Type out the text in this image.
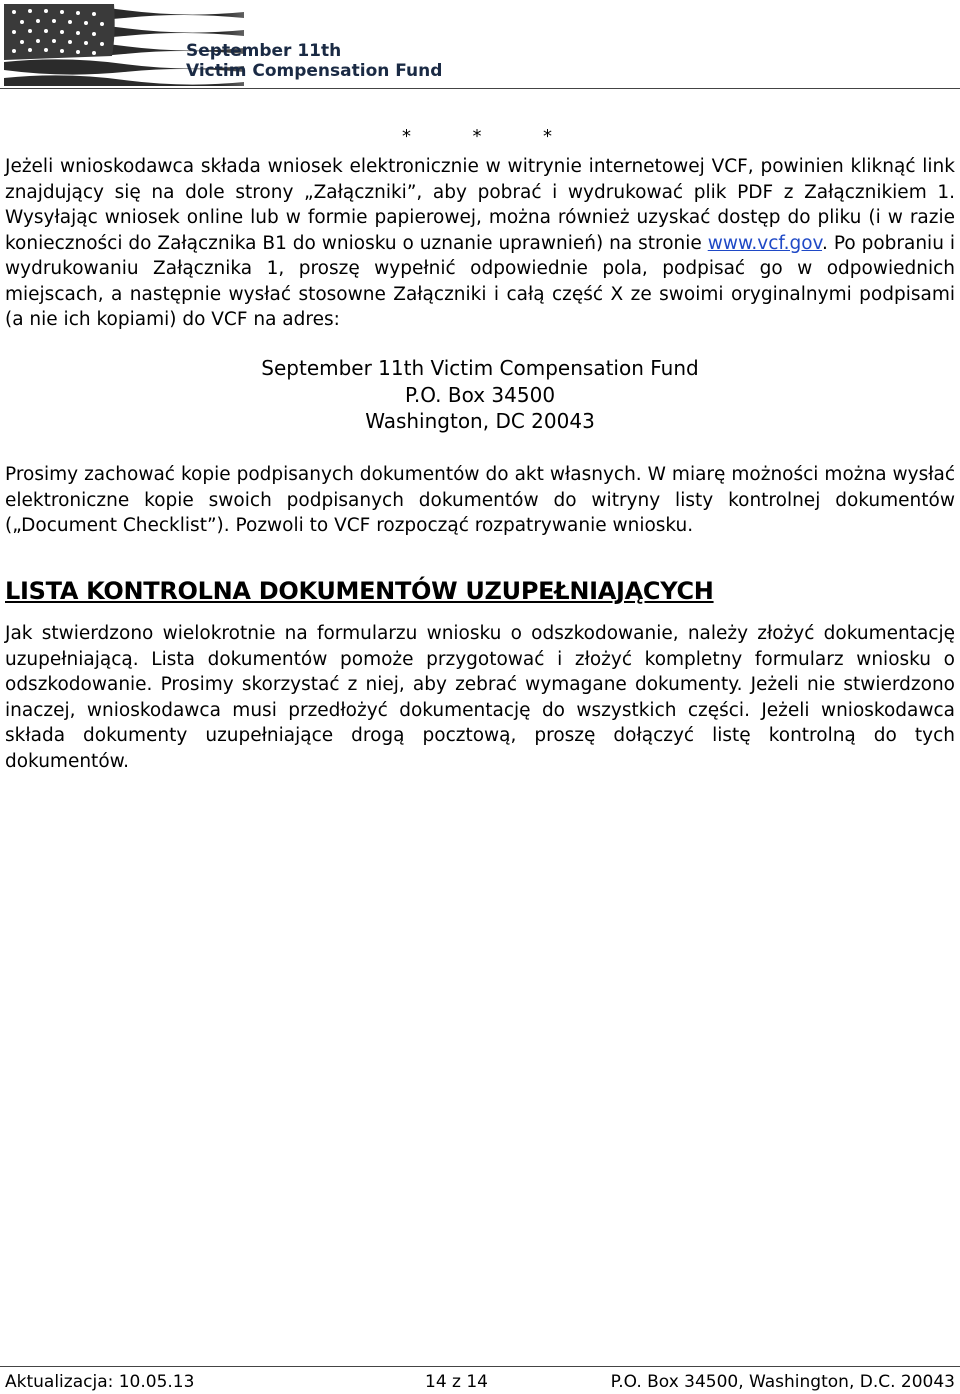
September 11th
Victim Compensation Fund
*	*	*

Jeżeli wnioskodawca składa wniosek elektronicznie w witrynie internetowej VCF, powinien kliknąć link znajdujący się na dole strony „Załączniki”, aby pobrać i wydrukować plik PDF z Załącznikiem 1. Wysyłając wniosek online lub w formie papierowej, można również uzyskać dostęp do pliku (i w razie konieczności do Załącznika B1 do wniosku o uznanie uprawnień) na stronie www.vcf.gov. Po pobraniu i wydrukowaniu Załącznika 1, proszę wypełnić odpowiednie pola, podpisać go w odpowiednich miejscach, a następnie wysłać stosowne Załączniki i całą część X ze swoimi oryginalnymi podpisami (a nie ich kopiami) do VCF na adres:

September 11th Victim Compensation Fund
P.O. Box 34500
Washington, DC 20043

Prosimy zachować kopie podpisanych dokumentów do akt własnych. W miarę możności można wysłać elektroniczne kopie swoich podpisanych dokumentów do witryny listy kontrolnej dokumentów („Document Checklist”). Pozwoli to VCF rozpocząć rozpatrywanie wniosku.

LISTA KONTROLNA DOKUMENTÓW UZUPEŁNIAJĄCYCH

Jak stwierdzono wielokrotnie na formularzu wniosku o odszkodowanie, należy złożyć dokumentację uzupełniającą. Lista dokumentów pomoże przygotować i złożyć kompletny formularz wniosku o odszkodowanie. Prosimy skorzystać z niej, aby zebrać wymagane dokumenty. Jeżeli nie stwierdzono inaczej, wnioskodawca musi przedłożyć dokumentację do wszystkich części. Jeżeli wnioskodawca składa dokumenty uzupełniające drogą pocztową, proszę dołączyć listę kontrolną do tych dokumentów.

Aktualizacja: 10.05.13	14 z 14	P.O. Box 34500, Washington, D.C. 20043
